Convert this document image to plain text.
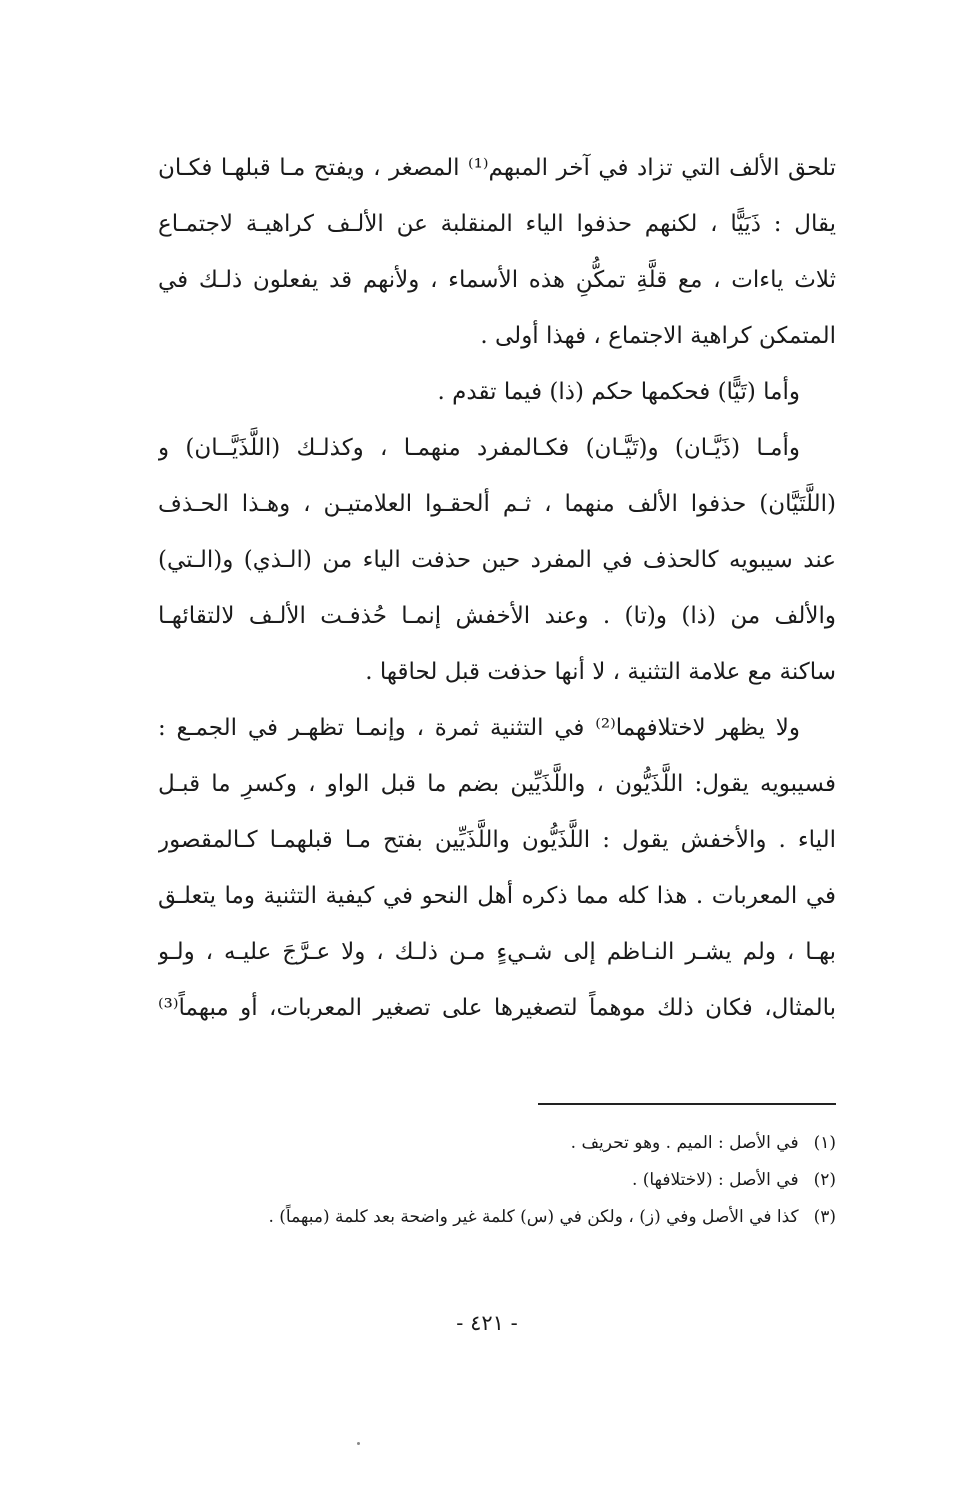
تلحق الألف التي تزاد في آخر المبهم⁽¹⁾ المصغر ، ويفتح مـا قبلهـا فكـان
يقال : ذَيَيًّا ، لكنهم حذفوا الياء المنقلبة عن الألـف كراهيـة لاجتمـاع
ثلاث ياءات ، مع قلَّةِ تمكُّنِ هذه الأسماء ، ولأنهم قد يفعلون ذلـك في
المتمكن كراهية الاجتماع ، فهذا أولى .
وأما (تَيًّا) فحكمها حكم (ذا) فيما تقدم .
وأمـا (ذَيَّـان) و(تَيَّـان) فكـالمفرد منهمـا ، وكذلـك (اللَّذَيَّــان) و
(اللَّتَيَّان) حذفوا الألف منهما ، ثـم ألحقـوا العلامتيـن ، وهـذا الحـذف
عند سيبويه كالحذف في المفرد حين حذفت الياء من (الـذي) و(الـتي)
والألف من (ذا) و(تا) . وعند الأخفش إنمـا حُذفـت الألـف لالتقائهـا
ساكنة مع علامة التثنية ، لا أنها حذفت قبل لحاقها .
ولا يظهر لاختلافهما⁽²⁾ في التثنية ثمرة ، وإنمـا تظهـر في الجمـع :
فسيبويه يقول: اللَّذَيُّون ، واللَّذَيِّين بضم ما قبل الواو ، وكسرِ ما قبـل
الياء . والأخفش يقول : اللَّذَيُّون واللَّذَيِّين بفتح مـا قبلهمـا كـالمقصور
في المعربات . هذا كله مما ذكره أهل النحو في كيفية التثنية وما يتعلـق
بهـا ، ولم يشـر النـاظم إلى شـيءٍ مـن ذلـك ، ولا عـرَّجَ عليـه ، ولـو
بالمثال، فكان ذلك موهماً لتصغيرها على تصغير المعربات، أو مبهماً⁽³⁾
(١) في الأصل : الميم . وهو تحريف .
(٢) في الأصل : (لاختلافها) .
(٣) كذا في الأصل وفي (ز) ، ولكن في (س) كلمة غير واضحة بعد كلمة (مبهماً) .
- ٤٢١ -
